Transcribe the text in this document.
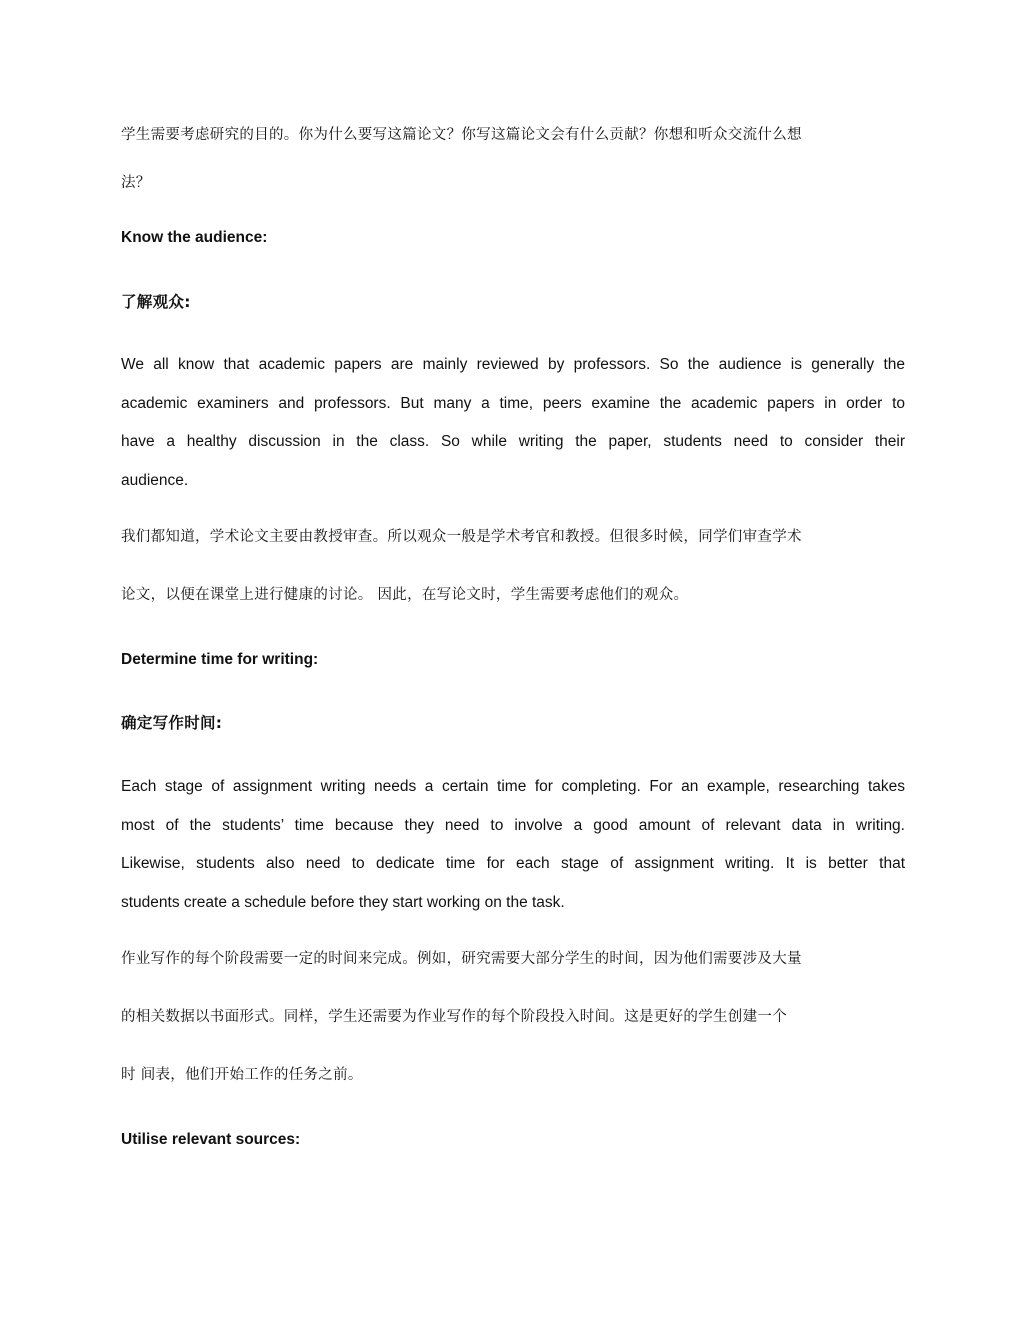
学生需要考虑研究的目的。你为什么要写这篇论文？你写这篇论文会有什么贡献？你想和听众交流什么想
法？
Know the audience:
了解观众:
We all know that academic papers are mainly reviewed by professors. So the audience is generally the
academic examiners and professors. But many a time, peers examine the academic papers in order to
have a healthy discussion in the class. So while writing the paper, students need to consider their
audience.
我们都知道，学术论文主要由教授审查。所以观众一般是学术考官和教授。但很多时候，同学们审查学术
论文，以便在课堂上进行健康的讨论。 因此，在写论文时，学生需要考虑他们的观众。
Determine time for writing:
确定写作时间:
Each stage of assignment writing needs a certain time for completing. For an example, researching takes
most of the students’ time because they need to involve a good amount of relevant data in writing.
Likewise, students also need to dedicate time for each stage of assignment writing. It is better that
students create a schedule before they start working on the task.
作业写作的每个阶段需要一定的时间来完成。例如，研究需要大部分学生的时间，因为他们需要涉及大量
的相关数据以书面形式。同样，学生还需要为作业写作的每个阶段投入时间。这是更好的学生创建一个
时 间表，他们开始工作的任务之前。
Utilise relevant sources:
